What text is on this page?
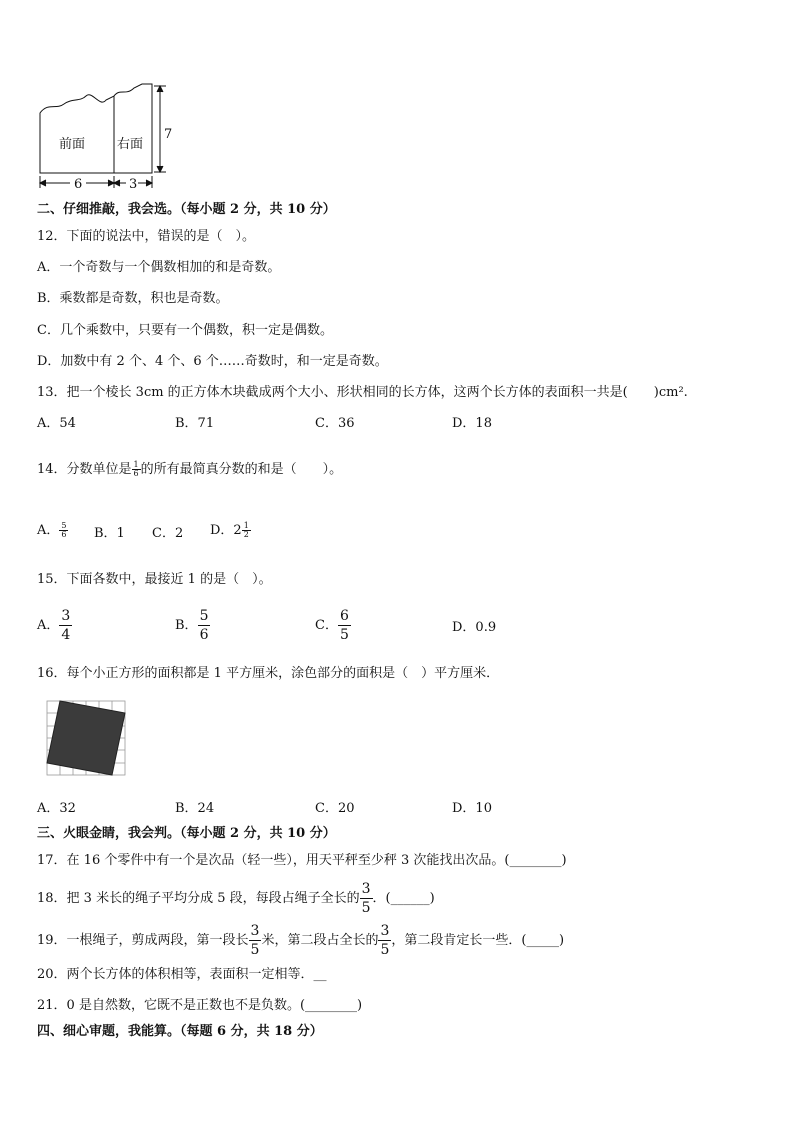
前面 右面
7
6	3
二、仔细推敲，我会选。（每小题 2 分，共 10 分）
12．下面的说法中，错误的是（　）。
A．一个奇数与一个偶数相加的和是奇数。
B．乘数都是奇数，积也是奇数。
C．几个乘数中，只要有一个偶数，积一定是偶数。
D．加数中有 2 个、4 个、6 个……奇数时，和一定是奇数。
13．把一个棱长 3cm 的正方体木块截成两个大小、形状相同的长方体，这两个长方体的表面积一共是(　　)cm².
A．54	B．71	C．36	D．18
14．分数单位是 $\frac{1}{6}$ 的所有最简真分数的和是（　　）。
A． $\frac{5}{6}$ B．1 C．2 D．$2 \frac{1}{2}$
15．下面各数中，最接近 1 的是（　）。
A． $\frac{3}{4}$	B． $\frac{5}{6}$	C． $\frac{6}{5}$	D．0.9
16．每个小正方形的面积都是 1 平方厘米，涂色部分的面积是（　）平方厘米．
A．32	B．24	C．20	D．10
三、火眼金睛，我会判。（每小题 2 分，共 10 分）
17．在 16 个零件中有一个是次品（轻一些），用天平秤至少秤 3 次能找出次品。(________)
18．把 3 米长的绳子平均分成 5 段，每段占绳子全长的 $\frac{3}{5}$ ．(______)
19．一根绳子，剪成两段，第一段长 $\frac{3}{5}$ 米，第二段占全长的 $\frac{3}{5}$ ，第二段肯定长一些．(_____)
20．两个长方体的体积相等，表面积一定相等．__
21．0 是自然数，它既不是正数也不是负数。(________)
四、细心审题，我能算。（每题 6 分，共 18 分）
